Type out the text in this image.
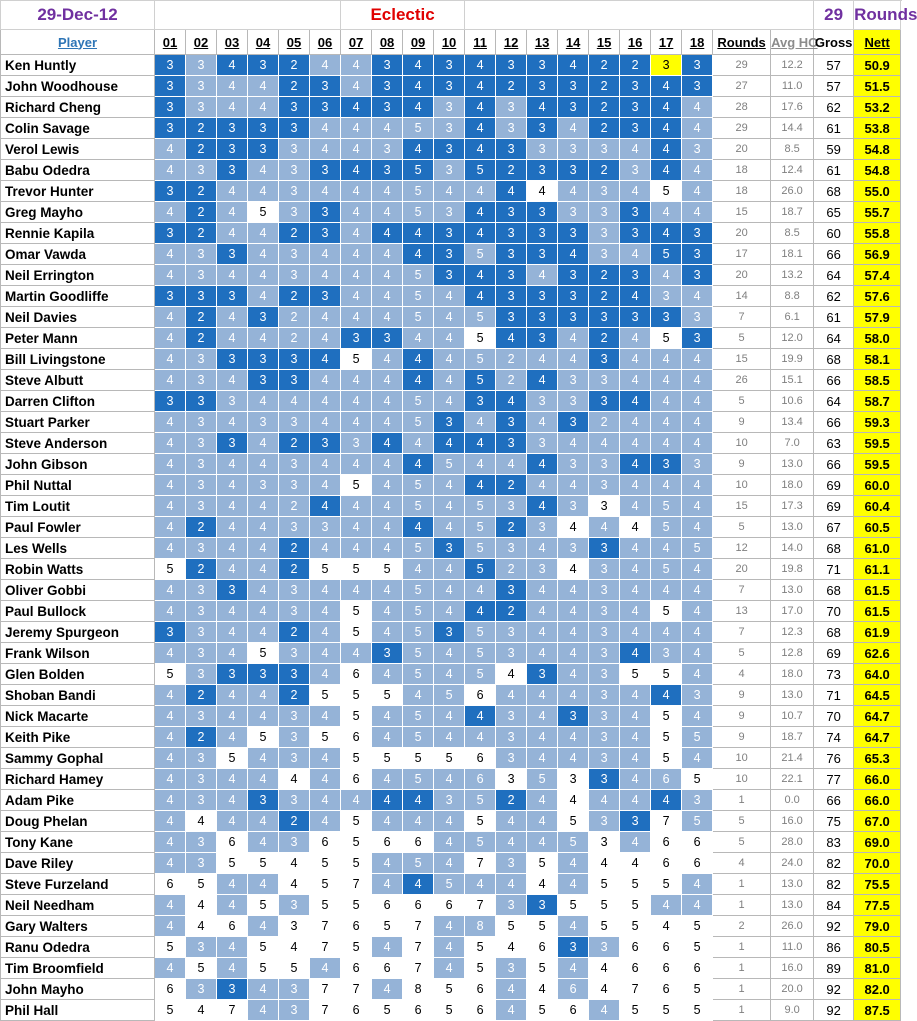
29-Dec-12							Eclectic														29	Rounds
Player	01	02	03	04	05	06	07	08	09	10	11	12	13	14	15	16	17	18	Rounds	Avg HC	Gross	Nett
Ken Huntly	3	3	4	3	2	4	4	3	4	3	4	3	3	4	2	2	3	3	29	12.2	57	50.9
John Woodhouse	3	3	4	4	2	3	4	3	4	3	4	2	3	3	2	3	4	3	27	11.0	57	51.5
Richard Cheng	3	3	4	4	3	3	4	3	4	3	4	3	4	3	2	3	4	4	28	17.6	62	53.2
Colin Savage	3	2	3	3	3	4	4	4	5	3	4	3	3	4	2	3	4	4	29	14.4	61	53.8
Verol Lewis	4	2	3	3	3	4	4	3	4	3	4	3	3	3	3	4	4	3	20	8.5	59	54.8
Babu Odedra	4	3	3	4	3	3	4	3	5	3	5	2	3	3	2	3	4	4	18	12.4	61	54.8
Trevor Hunter	3	2	4	4	3	4	4	4	5	4	4	4	4	4	3	4	5	4	18	26.0	68	55.0
Greg Mayho	4	2	4	5	3	3	4	4	5	3	4	3	3	3	3	3	4	4	15	18.7	65	55.7
Rennie Kapila	3	2	4	4	2	3	4	4	4	3	4	3	3	3	3	3	4	3	20	8.5	60	55.8
Omar Vawda	4	3	3	4	3	4	4	4	4	3	5	3	3	4	3	4	5	3	17	18.1	66	56.9
Neil Errington	4	3	4	4	3	4	4	4	5	3	4	3	4	3	2	3	4	3	20	13.2	64	57.4
Martin Goodliffe	3	3	3	4	2	3	4	4	5	4	4	3	3	3	2	4	3	4	14	8.8	62	57.6
Neil Davies	4	2	4	3	2	4	4	4	5	4	5	3	3	3	3	3	3	3	7	6.1	61	57.9
Peter Mann	4	2	4	4	2	4	3	3	4	4	5	4	3	4	2	4	5	3	5	12.0	64	58.0
Bill Livingstone	4	3	3	3	3	4	5	4	4	4	5	2	4	4	3	4	4	4	15	19.9	68	58.1
Steve Albutt	4	3	4	3	3	4	4	4	4	4	5	2	4	3	3	4	4	4	26	15.1	66	58.5
Darren Clifton	3	3	3	4	4	4	4	4	5	4	3	4	3	3	3	4	4	4	5	10.6	64	58.7
Stuart Parker	4	3	4	3	3	4	4	4	5	3	4	3	4	3	2	4	4	4	9	13.4	66	59.3
Steve Anderson	4	3	3	4	2	3	3	4	4	4	4	3	3	4	4	4	4	4	10	7.0	63	59.5
John Gibson	4	3	4	4	3	4	4	4	4	5	4	4	4	3	3	4	3	3	9	13.0	66	59.5
Phil Nuttal	4	3	4	3	3	4	5	4	5	4	4	2	4	4	3	4	4	4	10	18.0	69	60.0
Tim Loutit	4	3	4	4	2	4	4	4	5	4	5	3	4	3	3	4	5	4	15	17.3	69	60.4
Paul Fowler	4	2	4	4	3	3	4	4	4	4	5	2	3	4	4	4	5	4	5	13.0	67	60.5
Les Wells	4	3	4	4	2	4	4	4	5	3	5	3	4	3	3	4	4	5	12	14.0	68	61.0
Robin Watts	5	2	4	4	2	5	5	5	4	4	5	2	3	4	3	4	5	4	20	19.8	71	61.1
Oliver Gobbi	4	3	3	4	3	4	4	4	5	4	4	3	4	4	3	4	4	4	7	13.0	68	61.5
Paul Bullock	4	3	4	4	3	4	5	4	5	4	4	2	4	4	3	4	5	4	13	17.0	70	61.5
Jeremy Spurgeon	3	3	4	4	2	4	5	4	5	3	5	3	4	4	3	4	4	4	7	12.3	68	61.9
Frank Wilson	4	3	4	5	3	4	4	3	5	4	5	3	4	4	3	4	3	4	5	12.8	69	62.6
Glen Bolden	5	3	3	3	3	4	6	4	5	4	5	4	3	4	3	5	5	4	4	18.0	73	64.0
Shoban Bandi	4	2	4	4	2	5	5	5	4	5	6	4	4	4	3	4	4	3	9	13.0	71	64.5
Nick Macarte	4	3	4	4	3	4	5	4	5	4	4	3	4	3	3	4	5	4	9	10.7	70	64.7
Keith Pike	4	2	4	5	3	5	6	4	5	4	4	3	4	4	3	4	5	5	9	18.7	74	64.7
Sammy Gophal	4	3	5	4	3	4	5	5	5	5	6	3	4	4	3	4	5	4	10	21.4	76	65.3
Richard Hamey	4	3	4	4	4	4	6	4	5	4	6	3	5	3	3	4	6	5	10	22.1	77	66.0
Adam Pike	4	3	4	3	3	4	4	4	4	3	5	2	4	4	4	4	4	3	1	0.0	66	66.0
Doug Phelan	4	4	4	4	2	4	5	4	4	4	5	4	4	5	3	3	7	5	5	16.0	75	67.0
Tony Kane	4	3	6	4	3	6	5	6	6	4	5	4	4	5	3	4	6	6	5	28.0	83	69.0
Dave Riley	4	3	5	5	4	5	5	4	5	4	7	3	5	4	4	4	6	6	4	24.0	82	70.0
Steve Furzeland	6	5	4	4	4	5	7	4	4	5	4	4	4	4	5	5	5	4	1	13.0	82	75.5
Neil Needham	4	4	4	5	3	5	5	6	6	6	7	3	3	5	5	5	4	4	1	13.0	84	77.5
Gary Walters	4	4	6	4	3	7	6	5	7	4	8	5	5	4	5	5	4	5	2	26.0	92	79.0
Ranu Odedra	5	3	4	5	4	7	5	4	7	4	5	4	6	3	3	6	6	5	1	11.0	86	80.5
Tim Broomfield	4	5	4	5	5	4	6	6	7	4	5	3	5	4	4	6	6	6	1	16.0	89	81.0
John Mayho	6	3	3	4	3	7	7	4	8	5	6	4	4	6	4	7	6	5	1	20.0	92	82.0
Phil Hall	5	4	7	4	3	7	6	5	6	5	6	4	5	6	4	5	5	5	1	9.0	92	87.5
